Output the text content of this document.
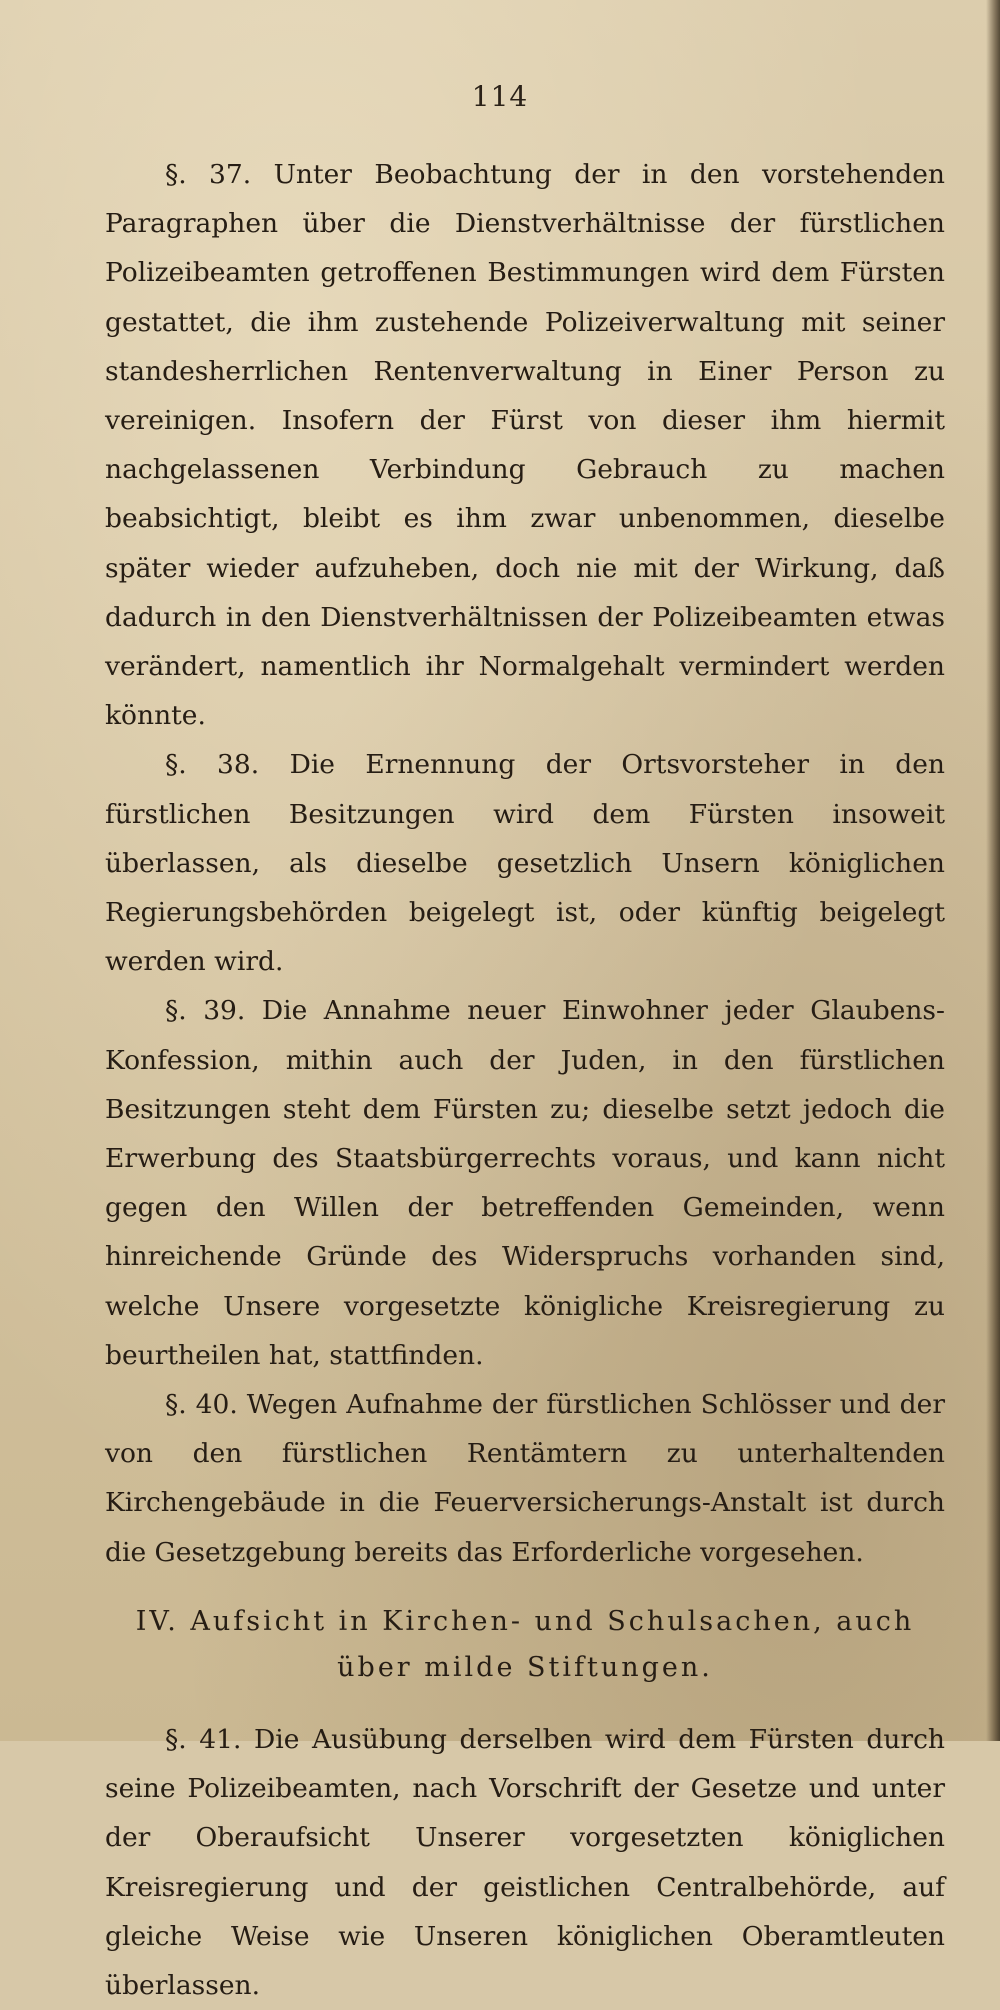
114

§. 37. Unter Beobachtung der in den vorstehenden Paragraphen über die Dienstverhältnisse der fürstlichen Polizeibeamten getroffenen Bestimmungen wird dem Fürsten gestattet, die ihm zustehende Polizeiverwaltung mit seiner standesherrlichen Rentenverwaltung in Einer Person zu vereinigen. Insofern der Fürst von dieser ihm hiermit nachgelassenen Verbindung Gebrauch zu machen beabsichtigt, bleibt es ihm zwar unbenommen, dieselbe später wieder aufzuheben, doch nie mit der Wirkung, daß dadurch in den Dienstverhältnissen der Polizeibeamten etwas verändert, namentlich ihr Normalgehalt vermindert werden könnte.

§. 38. Die Ernennung der Ortsvorsteher in den fürstlichen Besitzungen wird dem Fürsten insoweit überlassen, als dieselbe gesetzlich Unsern königlichen Regierungsbehörden beigelegt ist, oder künftig beigelegt werden wird.

§. 39. Die Annahme neuer Einwohner jeder Glaubens-Konfession, mithin auch der Juden, in den fürstlichen Besitzungen steht dem Fürsten zu; dieselbe setzt jedoch die Erwerbung des Staatsbürgerrechts voraus, und kann nicht gegen den Willen der betreffenden Gemeinden, wenn hinreichende Gründe des Widerspruchs vorhanden sind, welche Unsere vorgesetzte königliche Kreisregierung zu beurtheilen hat, stattfinden.

§. 40. Wegen Aufnahme der fürstlichen Schlösser und der von den fürstlichen Rentämtern zu unterhaltenden Kirchengebäude in die Feuerversicherungs-Anstalt ist durch die Gesetzgebung bereits das Erforderliche vorgesehen.

IV. Aufsicht in Kirchen- und Schulsachen, auch
über milde Stiftungen.

§. 41. Die Ausübung derselben wird dem Fürsten durch seine Polizeibeamten, nach Vorschrift der Gesetze und unter der Oberaufsicht Unserer vorgesetzten königlichen Kreisregierung und der geistlichen Centralbehörde, auf gleiche Weise wie Unseren königlichen Oberamtleuten überlassen.
